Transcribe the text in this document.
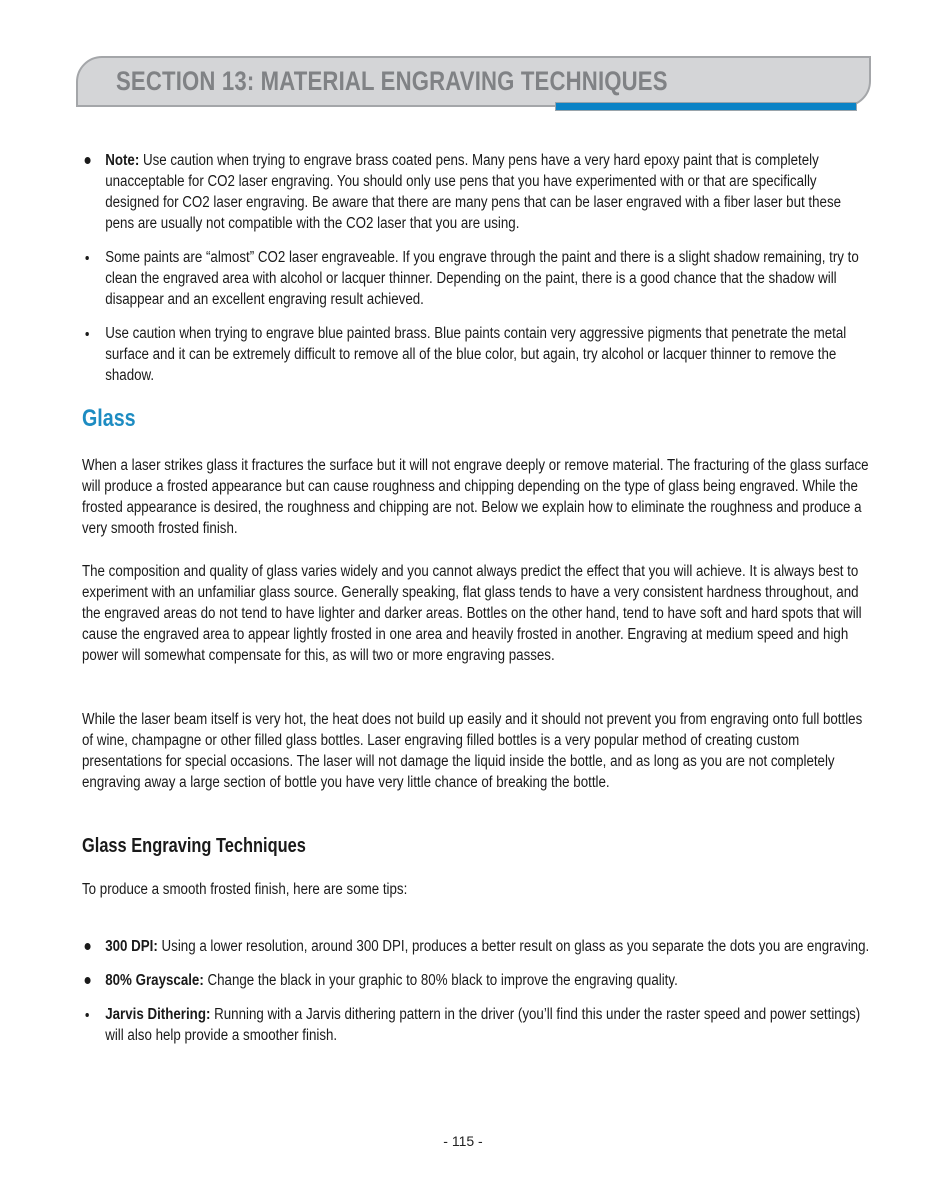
SECTION 13: MATERIAL ENGRAVING TECHNIQUES
Note: Use caution when trying to engrave brass coated pens. Many pens have a very hard epoxy paint that is completely unacceptable for CO2 laser engraving. You should only use pens that you have experimented with or that are specifically designed for CO2 laser engraving. Be aware that there are many pens that can be laser engraved with a fiber laser but these pens are usually not compatible with the CO2 laser that you are using.
Some paints are “almost” CO2 laser engraveable. If you engrave through the paint and there is a slight shadow remaining, try to clean the engraved area with alcohol or lacquer thinner. Depending on the paint, there is a good chance that the shadow will disappear and an excellent engraving result achieved.
Use caution when trying to engrave blue painted brass. Blue paints contain very aggressive pigments that penetrate the metal surface and it can be extremely difficult to remove all of the blue color, but again, try alcohol or lacquer thinner to remove the shadow.
Glass
When a laser strikes glass it fractures the surface but it will not engrave deeply or remove material. The fracturing of the glass surface will produce a frosted appearance but can cause roughness and chipping depending on the type of glass being engraved. While the frosted appearance is desired, the roughness and chipping are not. Below we explain how to eliminate the roughness and produce a very smooth frosted finish.
The composition and quality of glass varies widely and you cannot always predict the effect that you will achieve. It is always best to experiment with an unfamiliar glass source. Generally speaking, flat glass tends to have a very consistent hardness throughout, and the engraved areas do not tend to have lighter and darker areas. Bottles on the other hand, tend to have soft and hard spots that will cause the engraved area to appear lightly frosted in one area and heavily frosted in another. Engraving at medium speed and high power will somewhat compensate for this, as will two or more engraving passes.
While the laser beam itself is very hot, the heat does not build up easily and it should not prevent you from engraving onto full bottles of wine, champagne or other filled glass bottles. Laser engraving filled bottles is a very popular method of creating custom presentations for special occasions. The laser will not damage the liquid inside the bottle, and as long as you are not completely engraving away a large section of bottle you have very little chance of breaking the bottle.
Glass Engraving Techniques
To produce a smooth frosted finish, here are some tips:
300 DPI: Using a lower resolution, around 300 DPI, produces a better result on glass as you separate the dots you are engraving.
80% Grayscale: Change the black in your graphic to 80% black to improve the engraving quality.
Jarvis Dithering: Running with a Jarvis dithering pattern in the driver (you’ll find this under the raster speed and power settings) will also help provide a smoother finish.
- 115 -
